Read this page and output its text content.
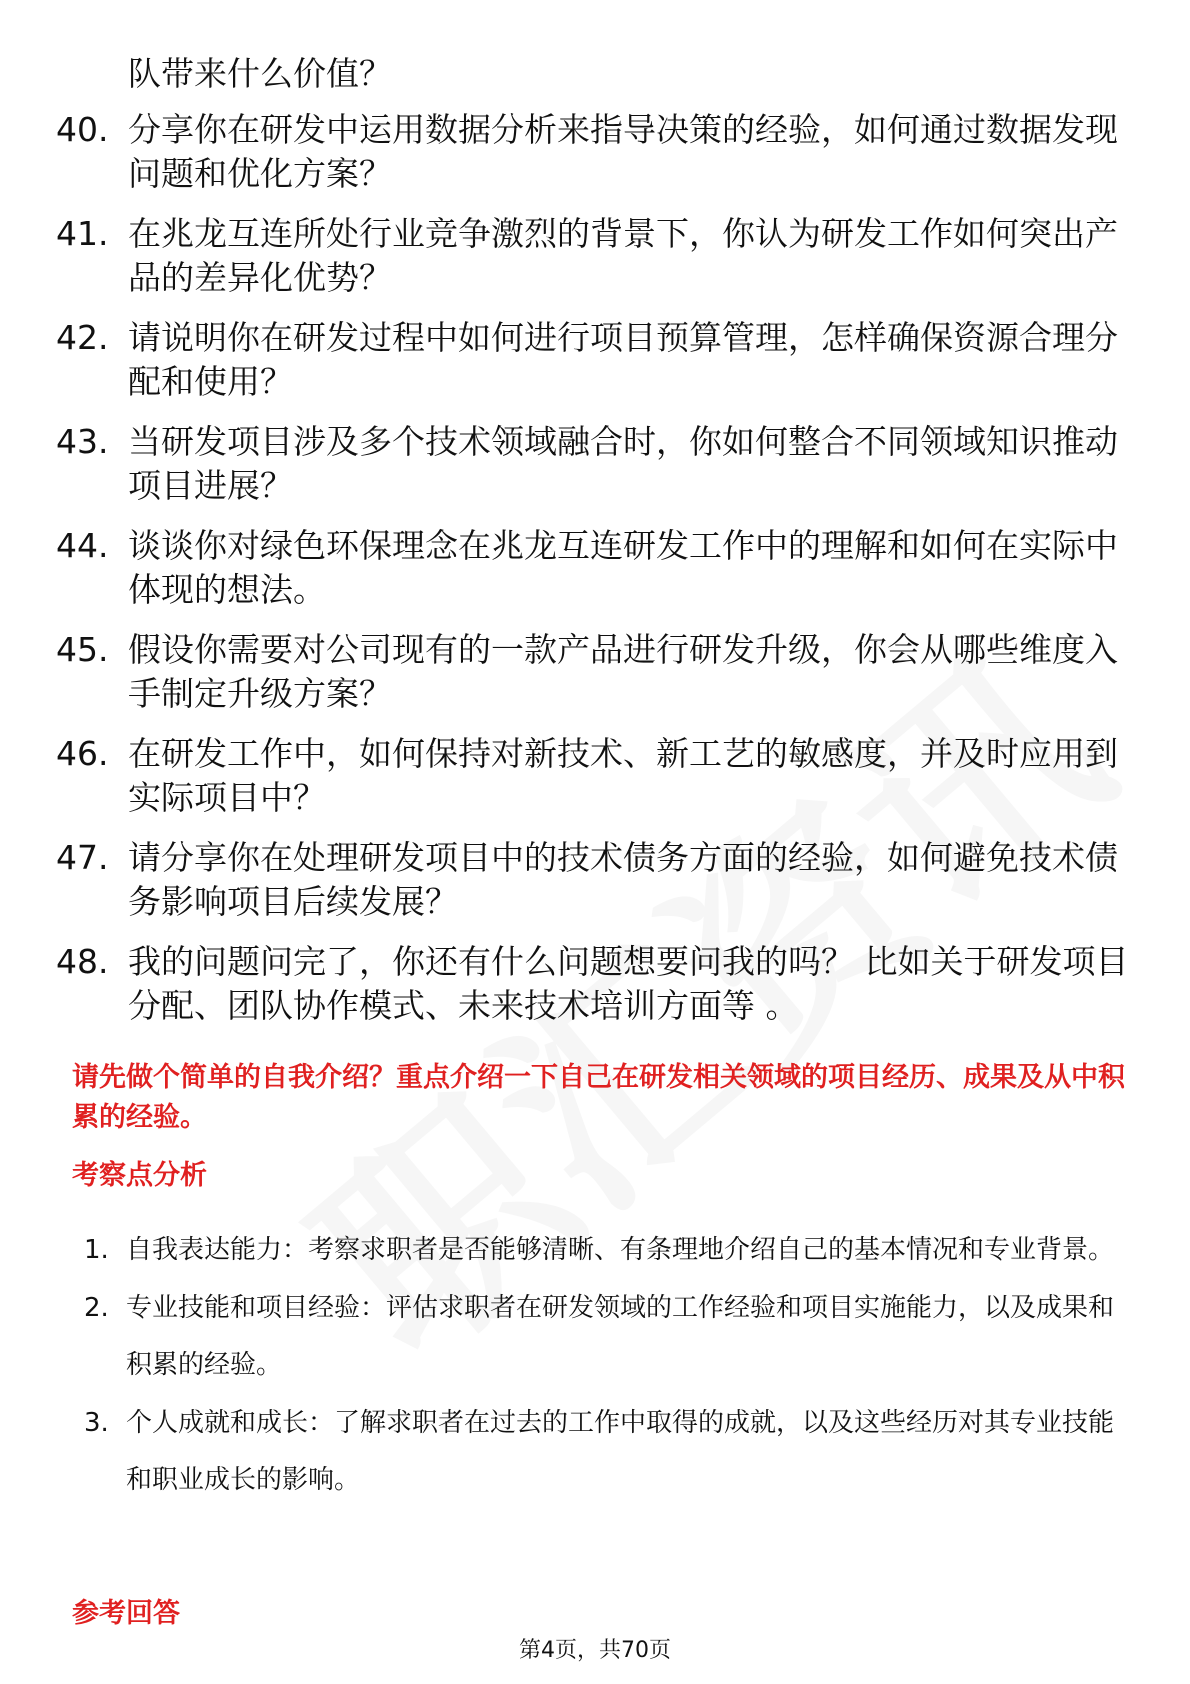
队带来什么价值？
40. 分享你在研发中运用数据分析来指导决策的经验，如何通过数据发现问题和优化方案？
41. 在兆龙互连所处行业竞争激烈的背景下，你认为研发工作如何突出产品的差异化优势？
42. 请说明你在研发过程中如何进行项目预算管理，怎样确保资源合理分配和使用？
43. 当研发项目涉及多个技术领域融合时，你如何整合不同领域知识推动项目进展？
44. 谈谈你对绿色环保理念在兆龙互连研发工作中的理解和如何在实际中体现的想法。
45. 假设你需要对公司现有的一款产品进行研发升级，你会从哪些维度入手制定升级方案？
46. 在研发工作中，如何保持对新技术、新工艺的敏感度，并及时应用到实际项目中？
47. 请分享你在处理研发项目中的技术债务方面的经验，如何避免技术债务影响项目后续发展？
48. 我的问题问完了，你还有什么问题想要问我的吗？ 比如关于研发项目分配、团队协作模式、未来技术培训方面等 。
请先做个简单的自我介绍？重点介绍一下自己在研发相关领域的项目经历、成果及从中积累的经验。
考察点分析
1. 自我表达能力：考察求职者是否能够清晰、有条理地介绍自己的基本情况和专业背景。
2. 专业技能和项目经验：评估求职者在研发领域的工作经验和项目实施能力，以及成果和积累的经验。
3. 个人成就和成长：了解求职者在过去的工作中取得的成就，以及这些经历对其专业技能和职业成长的影响。
参考回答
第4页，共70页
